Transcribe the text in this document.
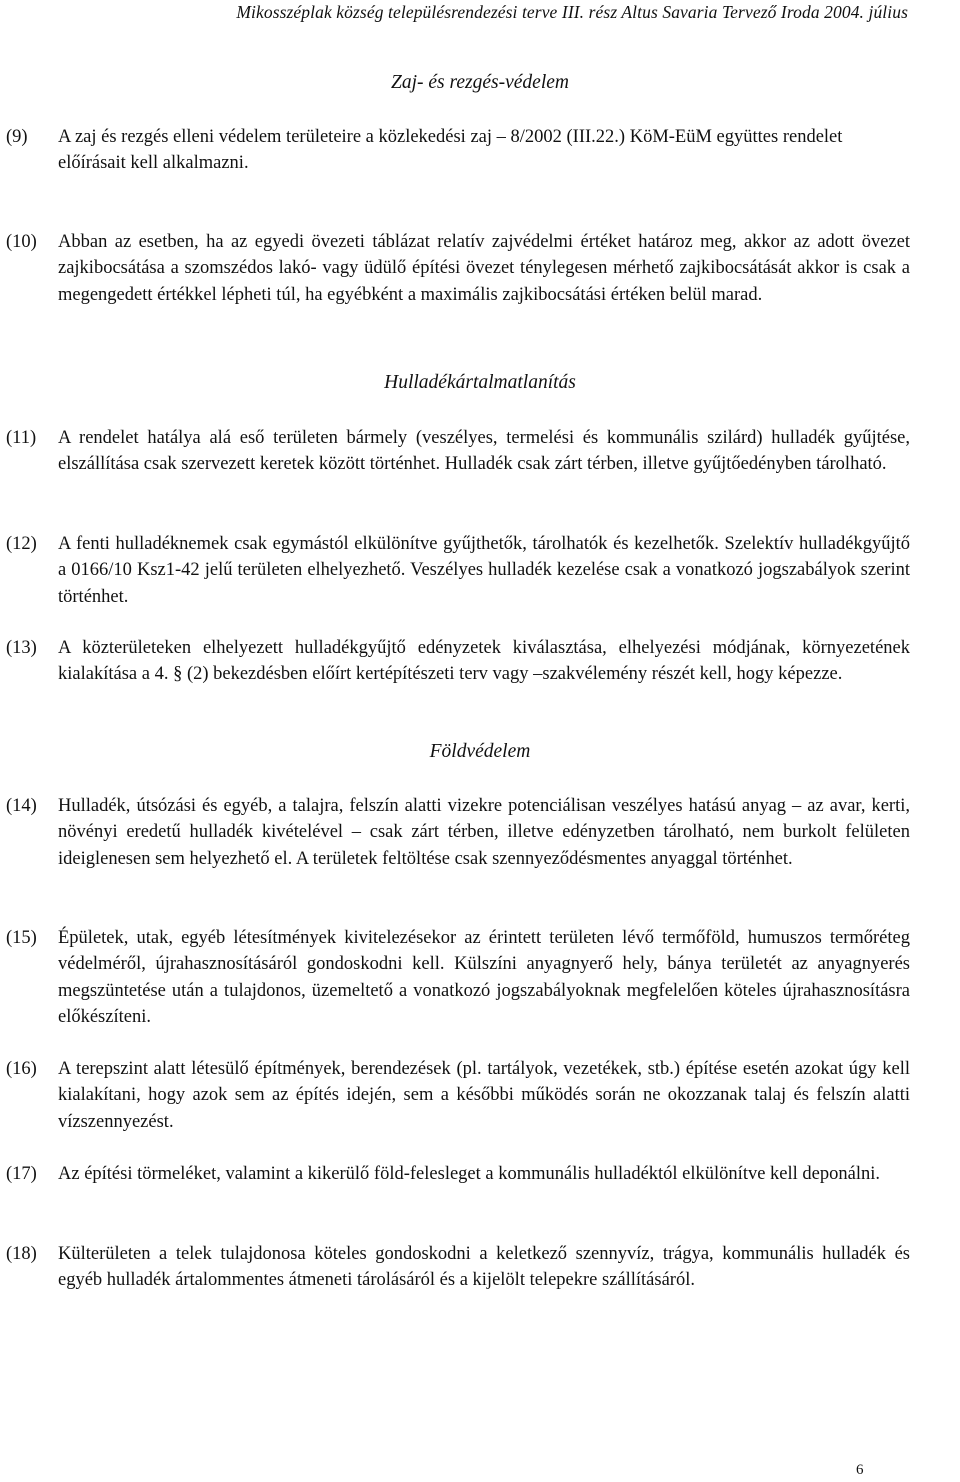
Mikosszéplak község településrendezési terve III. rész Altus Savaria Tervező Iroda 2004. július
Zaj- és rezgés-védelem
(9) A zaj és rezgés elleni védelem területeire a közlekedési zaj – 8/2002 (III.22.) KöM-EüM együttes rendelet előírásait kell alkalmazni.
(10) Abban az esetben, ha az egyedi övezeti táblázat relatív zajvédelmi értéket határoz meg, akkor az adott övezet zajkibocsátása a szomszédos lakó- vagy üdülő építési övezet ténylegesen mérhető zajkibocsátását akkor is csak a megengedett értékkel lépheti túl, ha egyébként a maximális zajkibocsátási értéken belül marad.
Hulladékártalmatlanítás
(11) A rendelet hatálya alá eső területen bármely (veszélyes, termelési és kommunális szilárd) hulladék gyűjtése, elszállítása csak szervezett keretek között történhet. Hulladék csak zárt térben, illetve gyűjtőedényben tárolható.
(12) A fenti hulladéknemek csak egymástól elkülönítve gyűjthetők, tárolhatók és kezelhetők. Szelektív hulladékgyűjtő a 0166/10 Ksz1-42 jelű területen elhelyezhető. Veszélyes hulladék kezelése csak a vonatkozó jogszabályok szerint történhet.
(13) A közterületeken elhelyezett hulladékgyűjtő edényzetek kiválasztása, elhelyezési módjának, környezetének kialakítása a 4. § (2) bekezdésben előírt kertépítészeti terv vagy –szakvélemény részét kell, hogy képezze.
Földvédelem
(14) Hulladék, útsózási és egyéb, a talajra, felszín alatti vizekre potenciálisan veszélyes hatású anyag – az avar, kerti, növényi eredetű hulladék kivételével – csak zárt térben, illetve edényzetben tárolható, nem burkolt felületen ideiglenesen sem helyezhető el. A területek feltöltése csak szennyeződésmentes anyaggal történhet.
(15) Épületek, utak, egyéb létesítmények kivitelezésekor az érintett területen lévő termőföld, humuszos termőréteg védelméről, újrahasznosításáról gondoskodni kell. Külszíni anyagnyerő hely, bánya területét az anyagnyerés megszüntetése után a tulajdonos, üzemeltető a vonatkozó jogszabályoknak megfelelően köteles újrahasznosításra előkészíteni.
(16) A terepszint alatt létesülő építmények, berendezések (pl. tartályok, vezetékek, stb.) építése esetén azokat úgy kell kialakítani, hogy azok sem az építés idején, sem a későbbi működés során ne okozzanak talaj és felszín alatti vízszennyezést.
(17) Az építési törmeléket, valamint a kikerülő föld-felesleget a kommunális hulladéktól elkülönítve kell deponálni.
(18) Külterületen a telek tulajdonosa köteles gondoskodni a keletkező szennyvíz, trágya, kommunális hulladék és egyéb hulladék ártalommentes átmeneti tárolásáról és a kijelölt telepekre szállításáról.
6
